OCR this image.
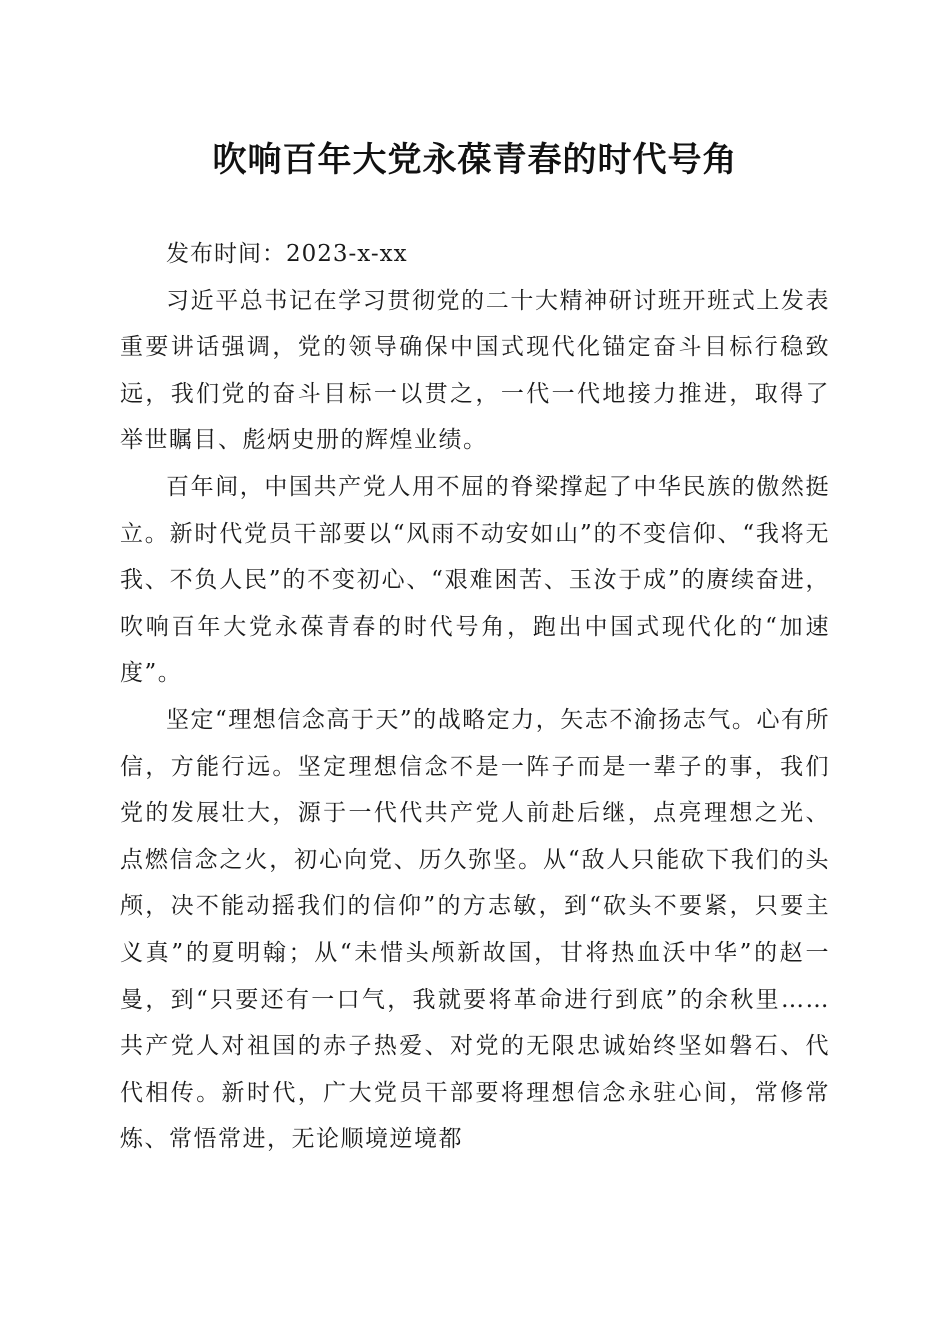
吹响百年大党永葆青春的时代号角

发布时间：2023-x-xx

习近平总书记在学习贯彻党的二十大精神研讨班开班式上发表重要讲话强调，党的领导确保中国式现代化锚定奋斗目标行稳致远，我们党的奋斗目标一以贯之，一代一代地接力推进，取得了举世瞩目、彪炳史册的辉煌业绩。

百年间，中国共产党人用不屈的脊梁撑起了中华民族的傲然挺立。新时代党员干部要以“风雨不动安如山”的不变信仰、“我将无我、不负人民”的不变初心、“艰难困苦、玉汝于成”的赓续奋进，吹响百年大党永葆青春的时代号角，跑出中国式现代化的“加速度”。

坚定“理想信念高于天”的战略定力，矢志不渝扬志气。心有所信，方能行远。坚定理想信念不是一阵子而是一辈子的事，我们党的发展壮大，源于一代代共产党人前赴后继，点亮理想之光、点燃信念之火，初心向党、历久弥坚。从“敌人只能砍下我们的头颅，决不能动摇我们的信仰”的方志敏，到“砍头不要紧，只要主义真”的夏明翰；从“未惜头颅新故国，甘将热血沃中华”的赵一曼，到“只要还有一口气，我就要将革命进行到底”的余秋里……共产党人对祖国的赤子热爱、对党的无限忠诚始终坚如磐石、代代相传。新时代，广大党员干部要将理想信念永驻心间，常修常炼、常悟常进，无论顺境逆境都
